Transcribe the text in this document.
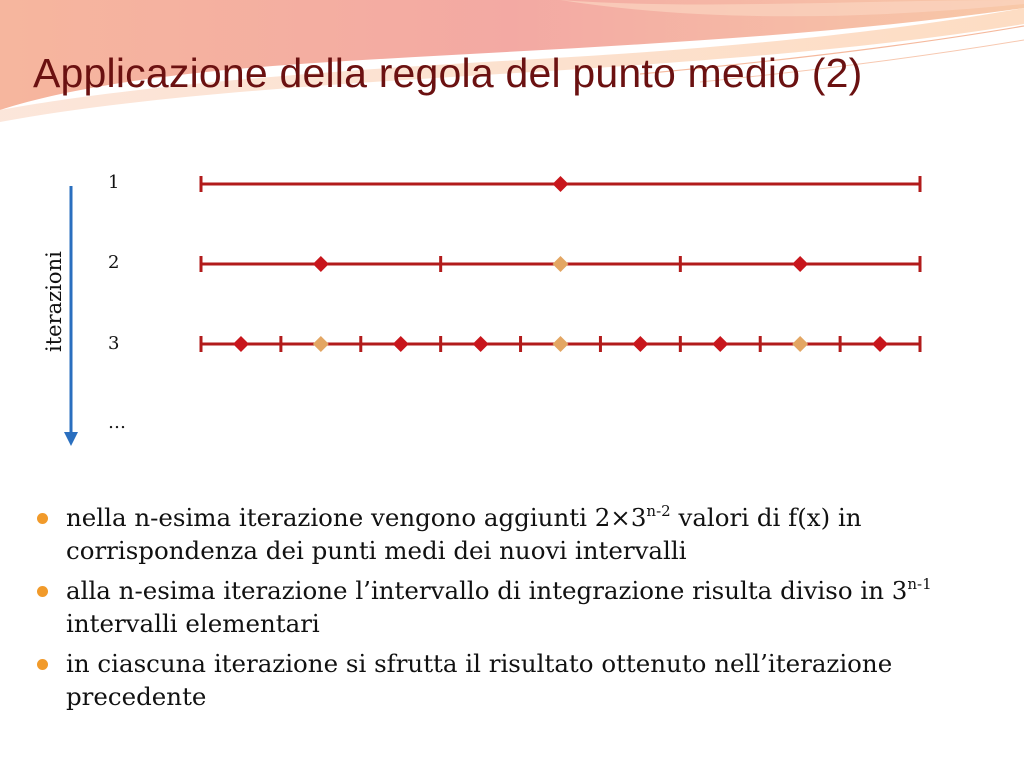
Applicazione della regola del punto medio (2)
iterazioni
1
2
3
…
nella n-esima iterazione vengono aggiunti $2\times 3^{n-2}$ valori di f(x) in corrispondenza dei punti medi dei nuovi intervalli
alla n-esima iterazione l’intervallo di integrazione risulta diviso in 3$^{n-1}$ intervalli elementari
in ciascuna iterazione si sfrutta il risultato ottenuto nell’iterazione precedente
